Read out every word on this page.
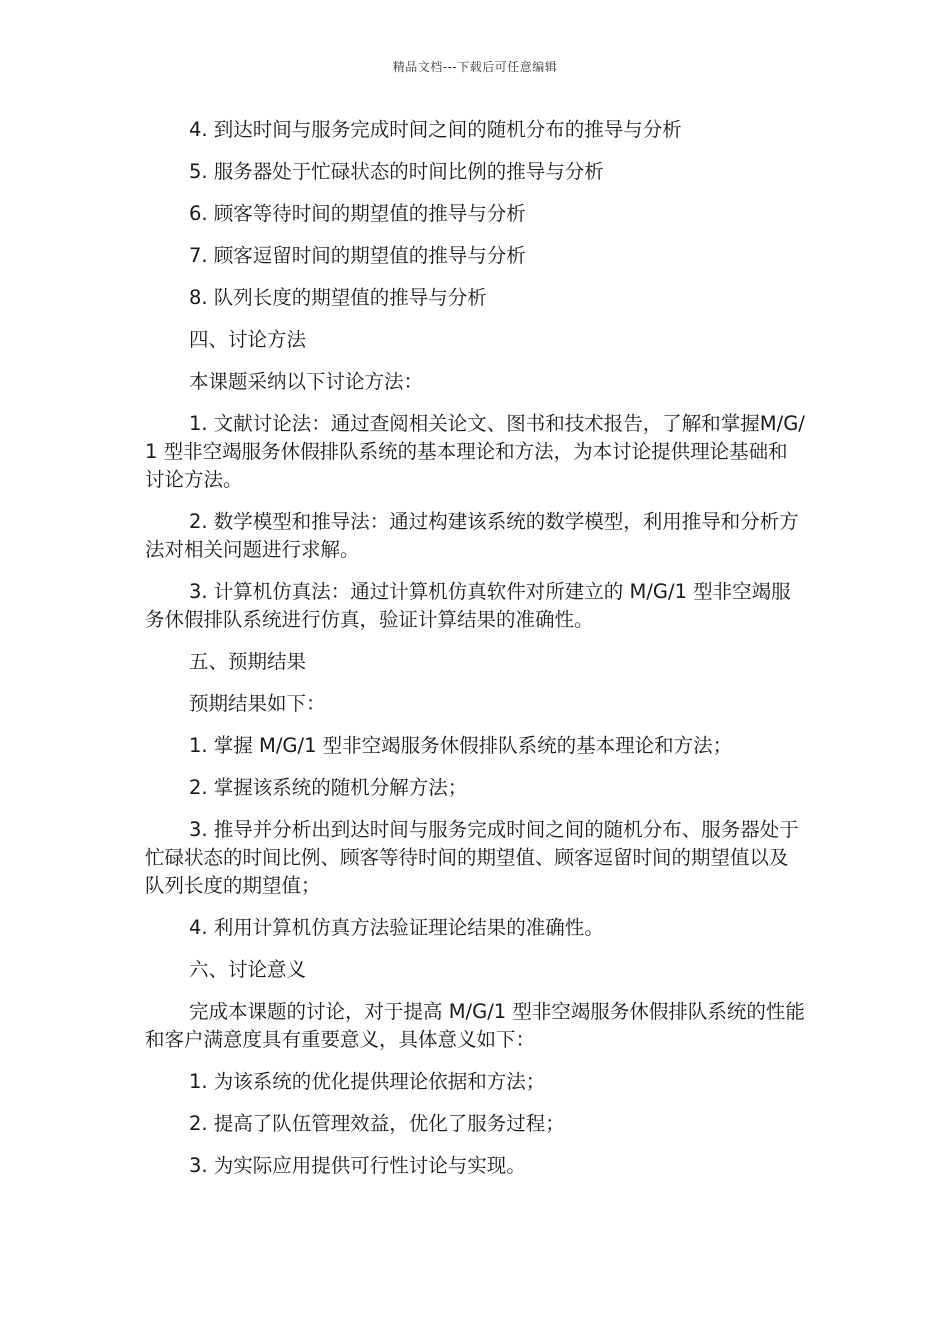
精品文档---下载后可任意编辑

4. 到达时间与服务完成时间之间的随机分布的推导与分析

5. 服务器处于忙碌状态的时间比例的推导与分析

6. 顾客等待时间的期望值的推导与分析

7. 顾客逗留时间的期望值的推导与分析

8. 队列长度的期望值的推导与分析

四、讨论方法

本课题采纳以下讨论方法：

1. 文献讨论法：通过查阅相关论文、图书和技术报告，了解和掌握M/G/1 型非空竭服务休假排队系统的基本理论和方法，为本讨论提供理论基础和讨论方法。

2. 数学模型和推导法：通过构建该系统的数学模型，利用推导和分析方法对相关问题进行求解。

3. 计算机仿真法：通过计算机仿真软件对所建立的 M/G/1 型非空竭服务休假排队系统进行仿真，验证计算结果的准确性。

五、预期结果

预期结果如下：

1. 掌握 M/G/1 型非空竭服务休假排队系统的基本理论和方法；

2. 掌握该系统的随机分解方法；

3. 推导并分析出到达时间与服务完成时间之间的随机分布、服务器处于忙碌状态的时间比例、顾客等待时间的期望值、顾客逗留时间的期望值以及队列长度的期望值；

4. 利用计算机仿真方法验证理论结果的准确性。

六、讨论意义

完成本课题的讨论，对于提高 M/G/1 型非空竭服务休假排队系统的性能和客户满意度具有重要意义，具体意义如下：

1. 为该系统的优化提供理论依据和方法；

2. 提高了队伍管理效益，优化了服务过程；

3. 为实际应用提供可行性讨论与实现。
